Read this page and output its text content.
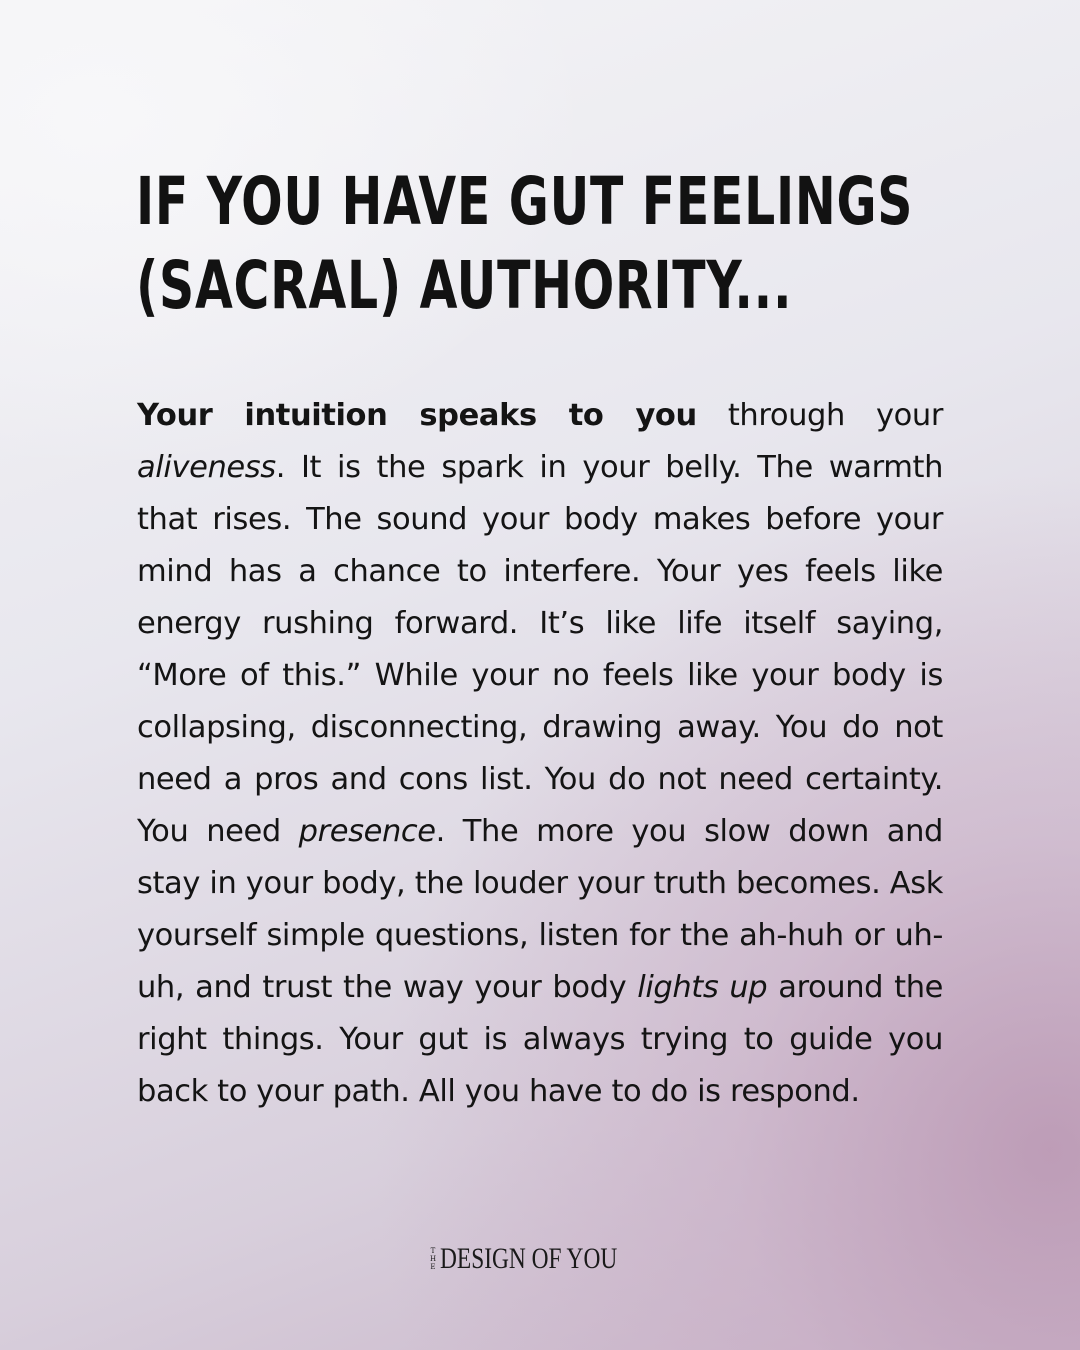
IF YOU HAVE GUT FEELINGS
(SACRAL) AUTHORITY...

Your intuition speaks to you through your aliveness. It is the spark in your belly. The warmth that rises. The sound your body makes before your mind has a chance to interfere. Your yes feels like energy rushing forward. It’s like life itself saying, “More of this.” While your no feels like your body is collapsing, disconnecting, drawing away. You do not need a pros and cons list. You do not need certainty. You need presence. The more you slow down and stay in your body, the louder your truth becomes. Ask yourself simple questions, listen for the ah-huh or uh-uh, and trust the way your body lights up around the right things. Your gut is always trying to guide you back to your path. All you have to do is respond.

T
H
E DESIGN OF YOU
